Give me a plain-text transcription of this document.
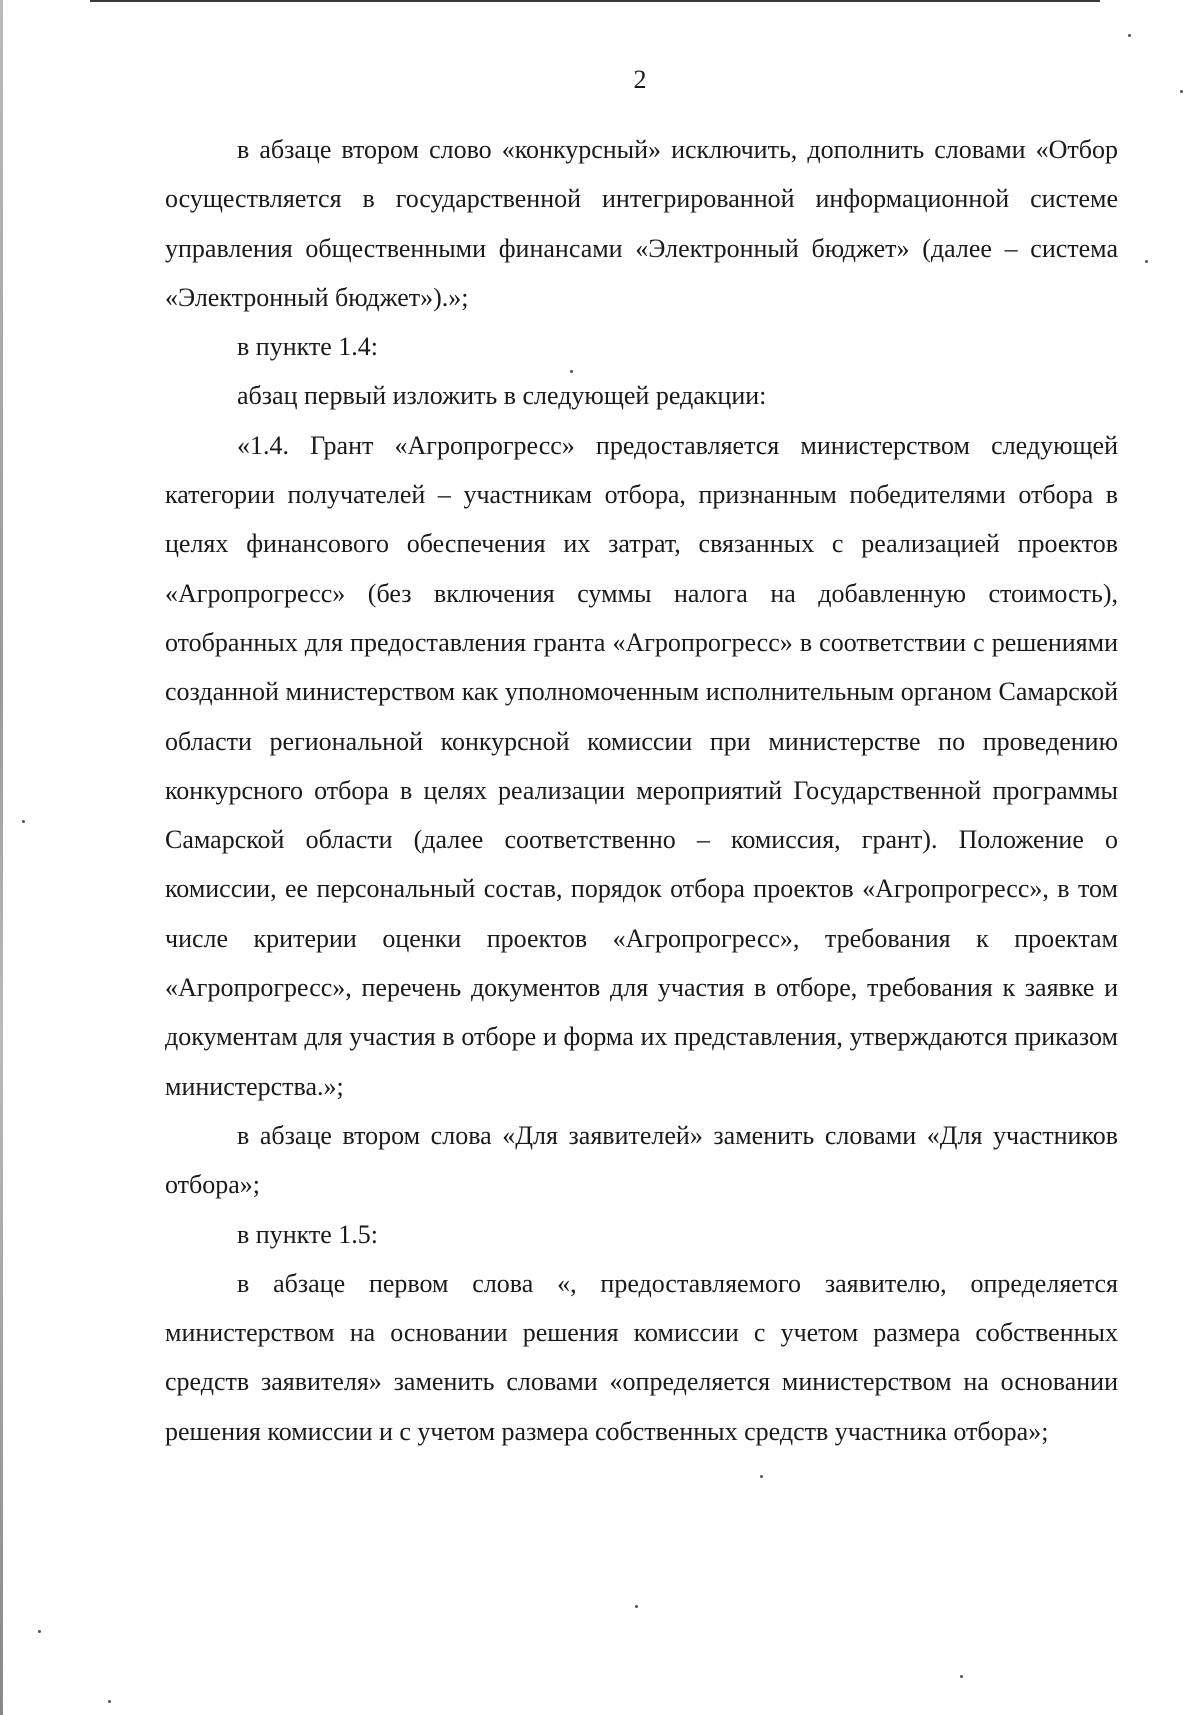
2

в абзаце втором слово «конкурсный» исключить, дополнить словами «Отбор осуществляется в государственной интегрированной информационной системе управления общественными финансами «Электронный бюджет» (далее – система «Электронный бюджет»).»;

в пункте 1.4:

абзац первый изложить в следующей редакции:

«1.4. Грант «Агропрогресс» предоставляется министерством следующей категории получателей – участникам отбора, признанным победителями отбора в целях финансового обеспечения их затрат, связанных с реализацией проектов «Агропрогресс» (без включения суммы налога на добавленную стоимость), отобранных для предоставления гранта «Агропрогресс» в соответствии с решениями созданной министерством как уполномоченным исполнительным органом Самарской области региональной конкурсной комиссии при министерстве по проведению конкурсного отбора в целях реализации мероприятий Государственной программы Самарской области (далее соответственно – комиссия, грант). Положение о комиссии, ее персональный состав, порядок отбора проектов «Агропрогресс», в том числе критерии оценки проектов «Агропрогресс», требования к проектам «Агропрогресс», перечень документов для участия в отборе, требования к заявке и документам для участия в отборе и форма их представления, утверждаются приказом министерства.»;

в абзаце втором слова «Для заявителей» заменить словами «Для участников отбора»;

в пункте 1.5:

в абзаце первом слова «, предоставляемого заявителю, определяется министерством на основании решения комиссии с учетом размера собственных средств заявителя» заменить словами «определяется министерством на основании решения комиссии и с учетом размера собственных средств участника отбора»;
